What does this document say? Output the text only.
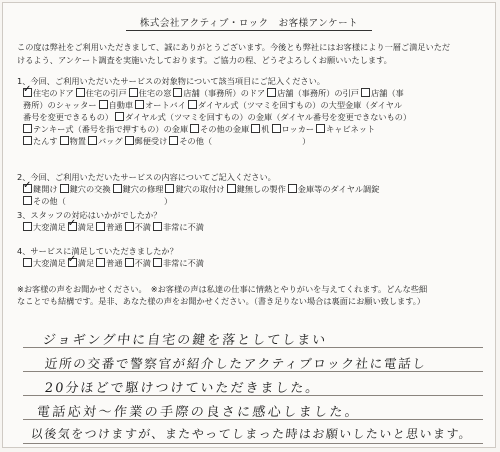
株式会社アクティブ・ロック　お客様アンケート
この度は弊社をご利用いただきまして、誠にありがとうございます。今後とも弊社にはお客様により一層ご満足いただ
けるよう、アンケート調査を実施いたしております。ご協力の程、どうぞよろしくお願いいたします。
1、今回、ご利用いただいたサービスの対象物について該当項目にご記入ください。
✓住宅のドア 住宅の引戸 住宅の窓 店舗（事務所）のドア 店舗（事務所）の引戸 店舗（事
務所）のシャッター 自動車 オートバイ ダイヤル式（ツマミを回すもの）の大型金庫（ダイヤル
番号を変更できるもの） ダイヤル式（ツマミを回すもの）の金庫（ダイヤル番号を変更できないもの）
テンキー式（番号を指で押すもの）の金庫 その他の金庫 机 ロッカー キャビネット
たんす 物置 バッグ 郵便受け その他（　　　　　　　　　　　）
2、今回、ご利用いただいたサービスの内容についてご記入ください。
✓鍵開け 鍵穴の交換 鍵穴の修理 鍵穴の取付け 鍵無しの製作 金庫等のダイヤル調錠
その他（　　　　　　　　　　　　）
3、スタッフの対応はいかがでしたか？
大変満足 ✓ 満足 普通 不満 非常に不満
4、サービスに満足していただきましたか？
大変満足 ✓ 満足 普通 不満 非常に不満
※お客様の声をお聞かせください。　※お客様の声は私達の仕事に情熱とやりがいを与えてくれます。どんな些細
なことでも結構です。是非、あなた様の声をお聞かせください。（書き足りない場合は裏面にお願い致します。）
ジョギング中に自宅の鍵を落としてしまい
近所の交番で警察官が紹介したアクティブロック社に電話し
20分ほどで駆けつけていただきました。
電話応対～作業の手際の良さに感心しました。
以後気をつけますが、またやってしまった時はお願いしたいと思います。
